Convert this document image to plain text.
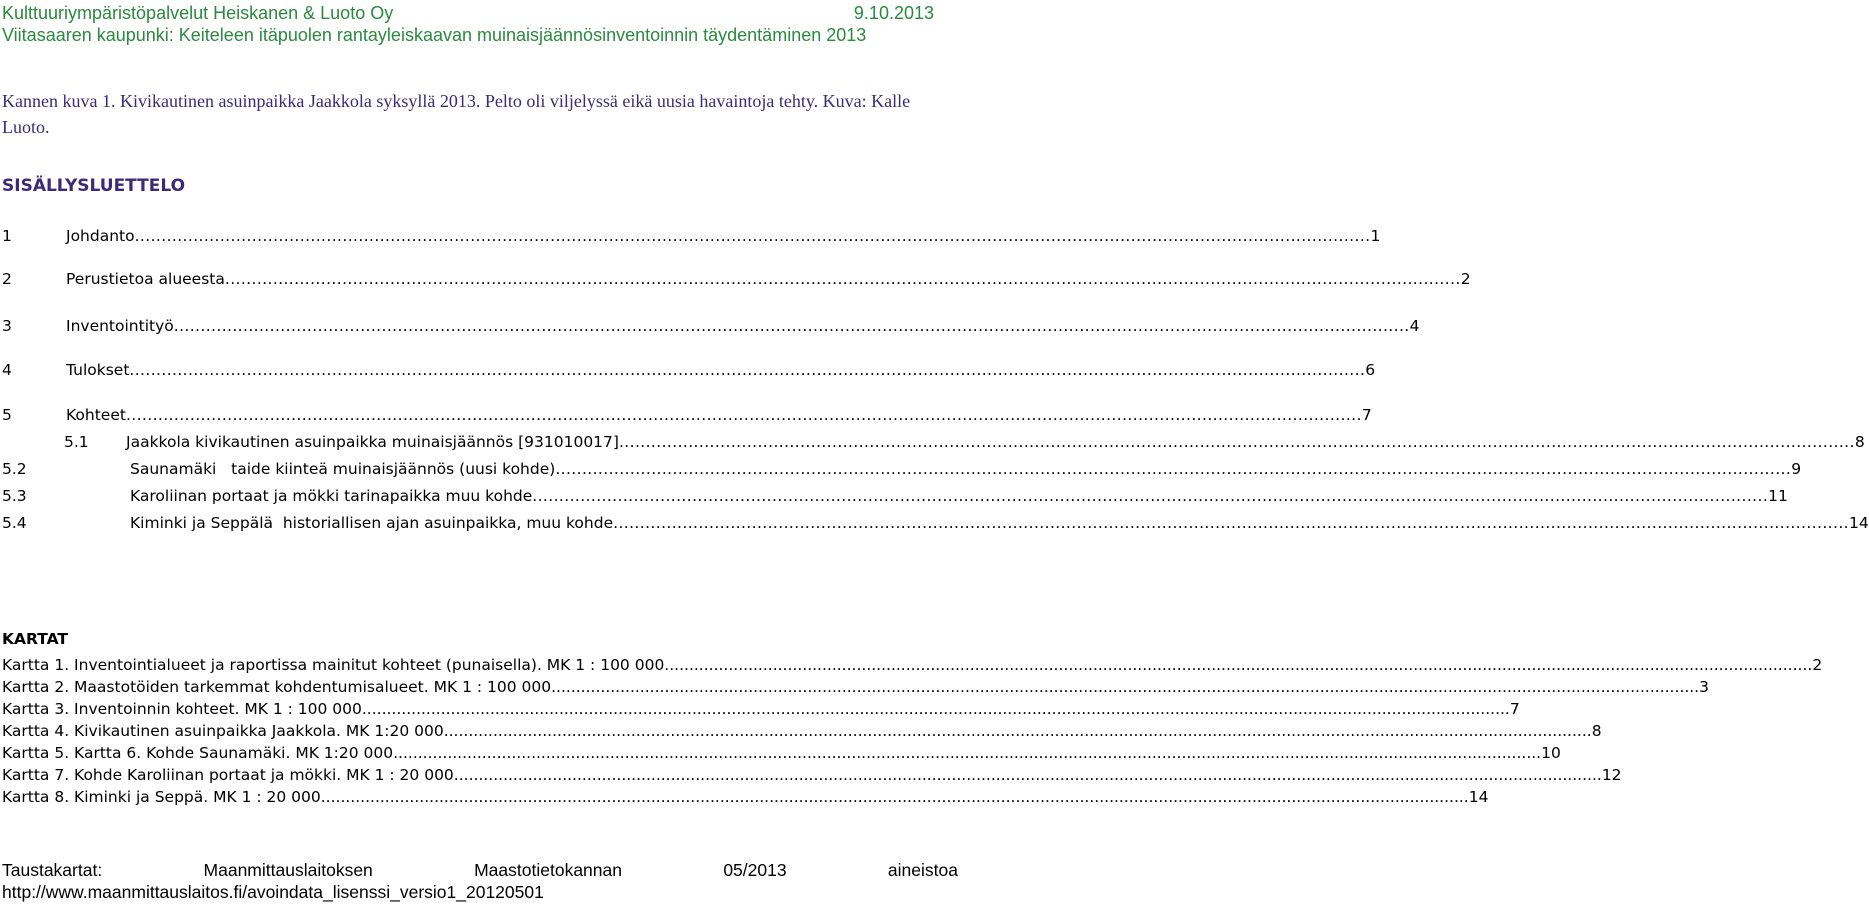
Kulttuuriympäristöpalvelut Heiskanen & Luoto Oy	9.10.2013
Viitasaaren kaupunki: Keiteleen itäpuolen rantayleiskaavan muinaisjäännösinventoinnin täydentäminen 2013
Kannen kuva 1. Kivikautinen asuinpaikka Jaakkola syksyllä 2013. Pelto oli viljelyssä eikä uusia havaintoja tehty. Kuva: Kalle Luoto.
SISÄLLYSLUETTELO
1	Johdanto .....	1
2	Perustietoa alueesta .....	2
3	Inventointityö .....	4
4	Tulokset .....	6
5	Kohteet .....	7
5.1	Jaakkola kivikautinen asuinpaikka muinaisjäännös [931010017] .....	8
5.2	Saunamäki   taide kiinteä muinaisjäännös (uusi kohde) .....	9
5.3	Karoliinan portaat ja mökki tarinapaikka muu kohde .....	11
5.4	Kiminki ja Seppälä  historiallisen ajan asuinpaikka, muu kohde .....	14
KARTAT
Kartta 1. Inventointialueet ja raportissa mainitut kohteet (punaisella). MK 1 : 100 000. .....	2
Kartta 2. Maastotöiden tarkemmat kohdentumisalueet. MK 1 : 100 000. .....	3
Kartta 3. Inventoinnin kohteet. MK 1 : 100 000. .....	7
Kartta 4. Kivikautinen asuinpaikka Jaakkola. MK 1:20 000. .....	8
Kartta 5. Kartta 6. Kohde Saunamäki. MK 1:20 000. .....	10
Kartta 7. Kohde Karoliinan portaat ja mökki. MK 1 : 20 000. .....	12
Kartta 8. Kiminki ja Seppä. MK 1 : 20 000. .....	14
Taustakartat:	Maanmittauslaitoksen	Maastotietokannan	05/2013	aineistoa
http://www.maanmittauslaitos.fi/avoindata_lisenssi_versio1_20120501
